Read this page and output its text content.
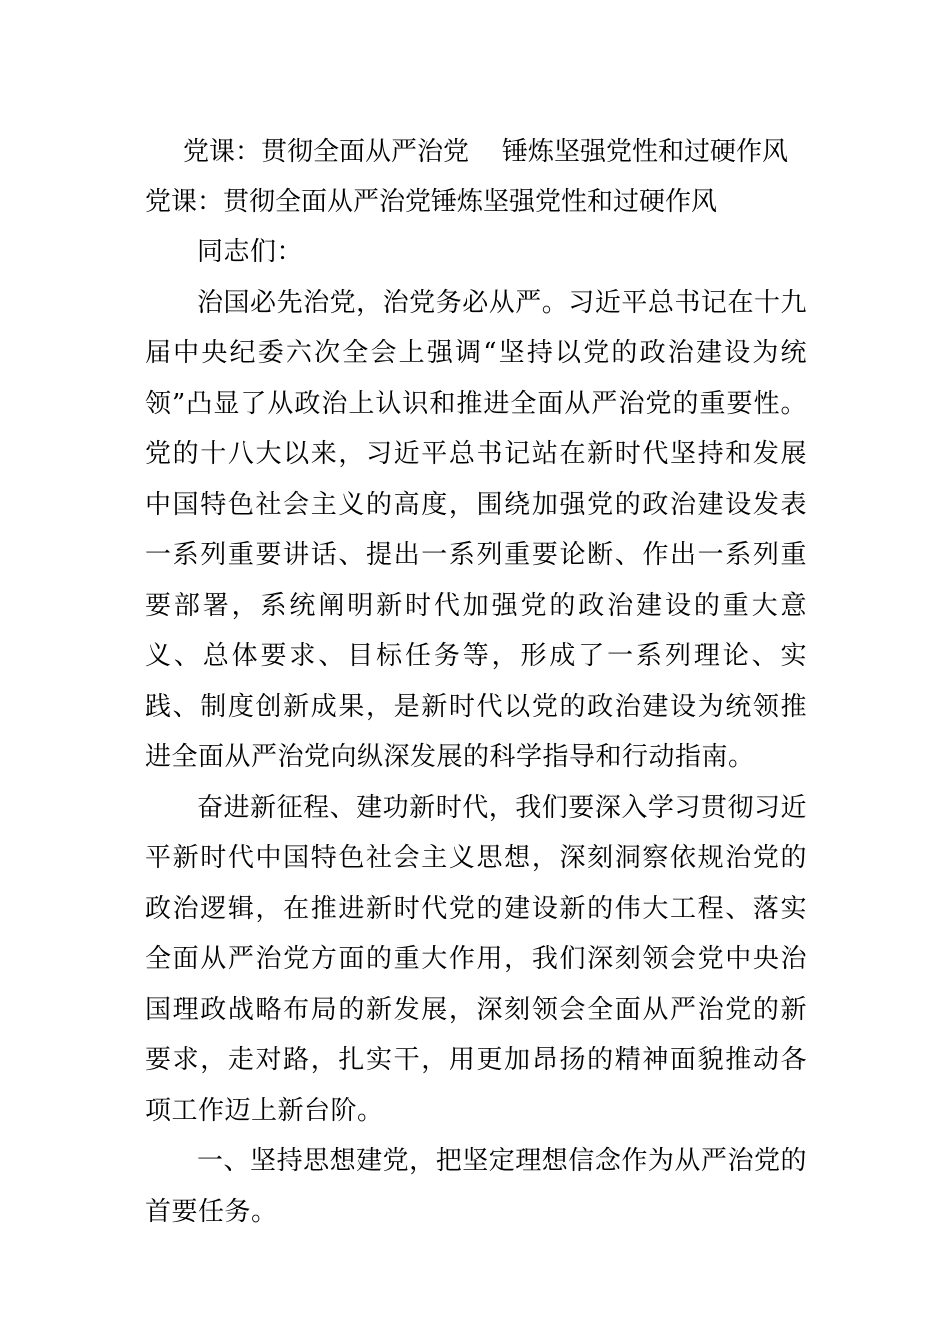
党课：贯彻全面从严治党    锤炼坚强党性和过硬作风
党课：贯彻全面从严治党锤炼坚强党性和过硬作风

同志们：

治国必先治党，治党务必从严。习近平总书记在十九届中央纪委六次全会上强调“坚持以党的政治建设为统领”凸显了从政治上认识和推进全面从严治党的重要性。党的十八大以来，习近平总书记站在新时代坚持和发展中国特色社会主义的高度，围绕加强党的政治建设发表一系列重要讲话、提出一系列重要论断、作出一系列重要部署，系统阐明新时代加强党的政治建设的重大意义、总体要求、目标任务等，形成了一系列理论、实践、制度创新成果，是新时代以党的政治建设为统领推进全面从严治党向纵深发展的科学指导和行动指南。

奋进新征程、建功新时代，我们要深入学习贯彻习近平新时代中国特色社会主义思想，深刻洞察依规治党的政治逻辑，在推进新时代党的建设新的伟大工程、落实全面从严治党方面的重大作用，我们深刻领会党中央治国理政战略布局的新发展，深刻领会全面从严治党的新要求，走对路，扎实干，用更加昂扬的精神面貌推动各项工作迈上新台阶。

一、坚持思想建党，把坚定理想信念作为从严治党的首要任务。
